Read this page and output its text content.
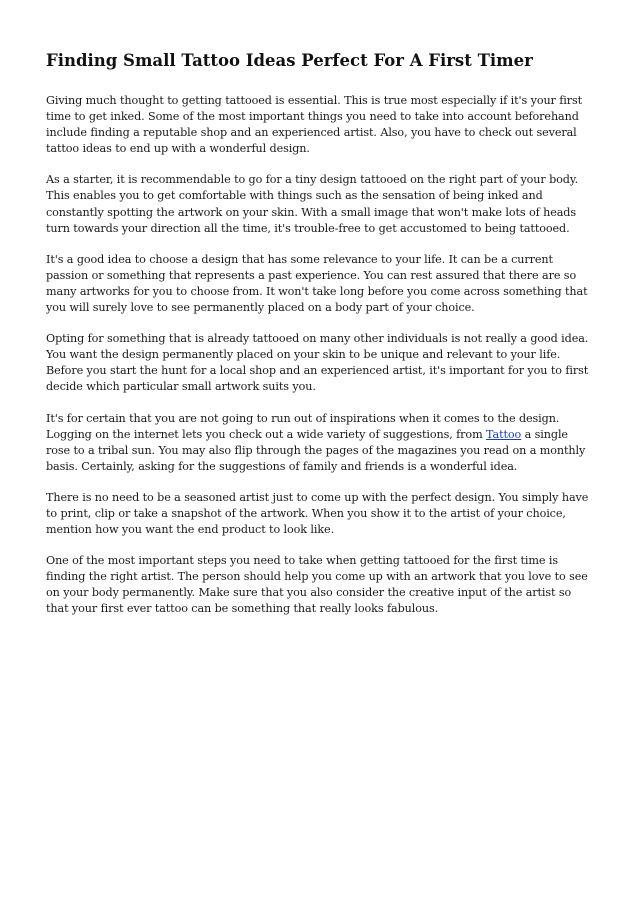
Finding Small Tattoo Ideas Perfect For A First Timer

Giving much thought to getting tattooed is essential. This is true most especially if it's your first time to get inked. Some of the most important things you need to take into account beforehand include finding a reputable shop and an experienced artist. Also, you have to check out several tattoo ideas to end up with a wonderful design.

As a starter, it is recommendable to go for a tiny design tattooed on the right part of your body. This enables you to get comfortable with things such as the sensation of being inked and constantly spotting the artwork on your skin. With a small image that won't make lots of heads turn towards your direction all the time, it's trouble-free to get accustomed to being tattooed.

It's a good idea to choose a design that has some relevance to your life. It can be a current passion or something that represents a past experience. You can rest assured that there are so many artworks for you to choose from. It won't take long before you come across something that you will surely love to see permanently placed on a body part of your choice.

Opting for something that is already tattooed on many other individuals is not really a good idea. You want the design permanently placed on your skin to be unique and relevant to your life. Before you start the hunt for a local shop and an experienced artist, it's important for you to first decide which particular small artwork suits you.

It's for certain that you are not going to run out of inspirations when it comes to the design. Logging on the internet lets you check out a wide variety of suggestions, from Tattoo a single rose to a tribal sun. You may also flip through the pages of the magazines you read on a monthly basis. Certainly, asking for the suggestions of family and friends is a wonderful idea.

There is no need to be a seasoned artist just to come up with the perfect design. You simply have to print, clip or take a snapshot of the artwork. When you show it to the artist of your choice, mention how you want the end product to look like.

One of the most important steps you need to take when getting tattooed for the first time is finding the right artist. The person should help you come up with an artwork that you love to see on your body permanently. Make sure that you also consider the creative input of the artist so that your first ever tattoo can be something that really looks fabulous.
